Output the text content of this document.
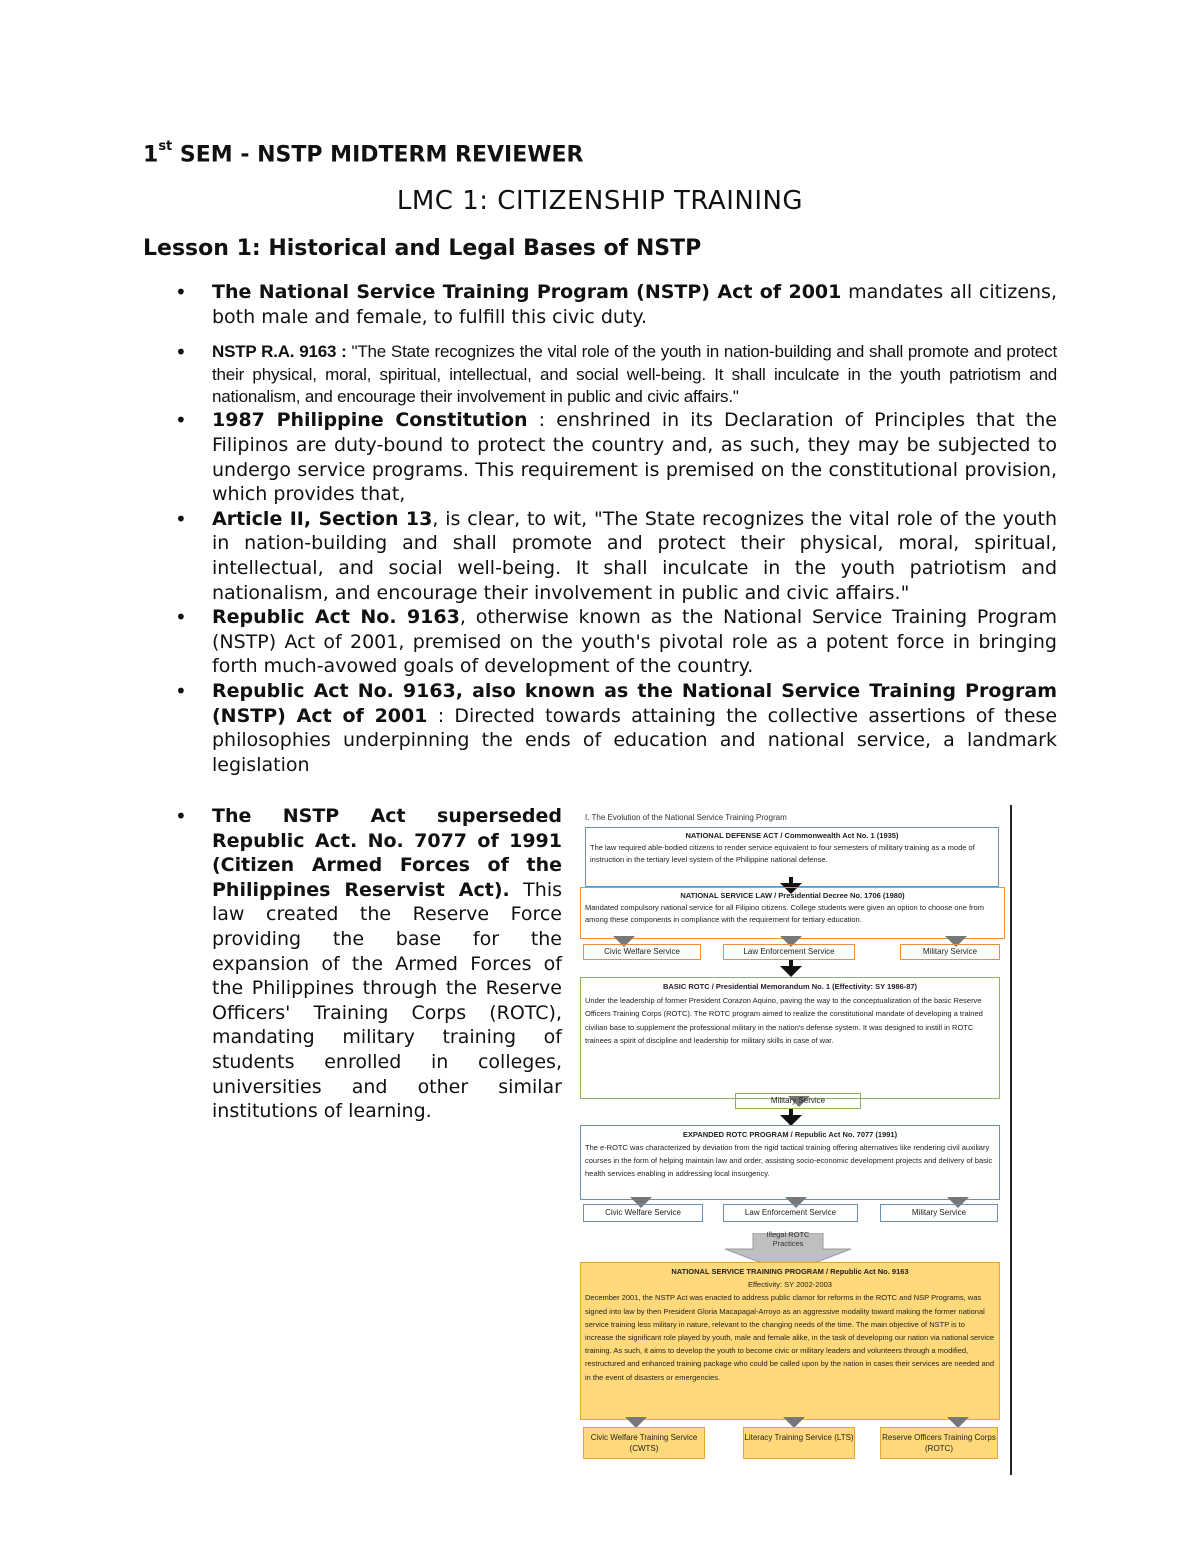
1st SEM - NSTP MIDTERM REVIEWER
LMC 1: CITIZENSHIP TRAINING
Lesson 1: Historical and Legal Bases of NSTP
• The National Service Training Program (NSTP) Act of 2001 mandates all citizens, both male and female, to fulfill this civic duty.
• NSTP R.A. 9163 : "The State recognizes the vital role of the youth in nation-building and shall promote and protect their physical, moral, spiritual, intellectual, and social well-being. It shall inculcate in the youth patriotism and nationalism, and encourage their involvement in public and civic affairs."
• 1987 Philippine Constitution : enshrined in its Declaration of Principles that the Filipinos are duty-bound to protect the country and, as such, they may be subjected to undergo service programs. This requirement is premised on the constitutional provision, which provides that,
• Article II, Section 13, is clear, to wit, "The State recognizes the vital role of the youth in nation-building and shall promote and protect their physical, moral, spiritual, intellectual, and social well-being. It shall inculcate in the youth patriotism and nationalism, and encourage their involvement in public and civic affairs."
• Republic Act No. 9163, otherwise known as the National Service Training Program (NSTP) Act of 2001, premised on the youth's pivotal role as a potent force in bringing forth much-avowed goals of development of the country.
• Republic Act No. 9163, also known as the National Service Training Program (NSTP) Act of 2001 : Directed towards attaining the collective assertions of these philosophies underpinning the ends of education and national service, a landmark legislation
• The NSTP Act superseded Republic Act. No. 7077 of 1991 (Citizen Armed Forces of the Philippines Reservist Act). This law created the Reserve Force providing the base for the expansion of the Armed Forces of the Philippines through the Reserve Officers' Training Corps (ROTC), mandating military training of students enrolled in colleges, universities and other similar institutions of learning.
I. The Evolution of the National Service Training Program
NATIONAL DEFENSE ACT / Commonwealth Act No. 1 (1935)
The law required able-bodied citizens to render service equivalent to four semesters of military training as a mode of instruction in the tertiary level system of the Philippine national defense.
NATIONAL SERVICE LAW / Presidential Decree No. 1706 (1980)
Mandated compulsory national service for all Filipino citizens. College students were given an option to choose one from among these components in compliance with the requirement for tertiary education.
Civic Welfare Service	Law Enforcement Service	Military Service
BASIC ROTC / Presidential Memorandum No. 1 (Effectivity: SY 1986-87)
Under the leadership of former President Corazon Aquino, paving the way to the conceptualization of the basic Reserve Officers Training Corps (ROTC). The ROTC program aimed to realize the constitutional mandate of developing a trained civilian base to supplement the professional military in the nation's defense system. It was designed to instill in ROTC trainees a spirit of discipline and leadership for military skills in case of war.
Military Service
EXPANDED ROTC PROGRAM / Republic Act No. 7077 (1991)
The e-ROTC was characterized by deviation from the rigid tactical training offering alternatives like rendering civil auxiliary courses in the form of helping maintain law and order, assisting socio-economic development projects and delivery of basic health services enabling in addressing local insurgency.
Civic Welfare Service	Law Enforcement Service	Military Service
Illegal ROTC Practices
NATIONAL SERVICE TRAINING PROGRAM / Republic Act No. 9163
Effectivity: SY 2002-2003
December 2001, the NSTP Act was enacted to address public clamor for reforms in the ROTC and NSP Programs, was signed into law by then President Gloria Macapagal-Arroyo as an aggressive modality toward making the former national service training less military in nature, relevant to the changing needs of the time. The main objective of NSTP is to increase the significant role played by youth, male and female alike, in the task of developing our nation via national service training. As such, it aims to develop the youth to become civic or military leaders and volunteers through a modified, restructured and enhanced training package who could be called upon by the nation in cases their services are needed and in the event of disasters or emergencies.
Civic Welfare Training Service (CWTS)
Literacy Training Service (LTS)	Reserve Officers Training Corps (ROTC)
